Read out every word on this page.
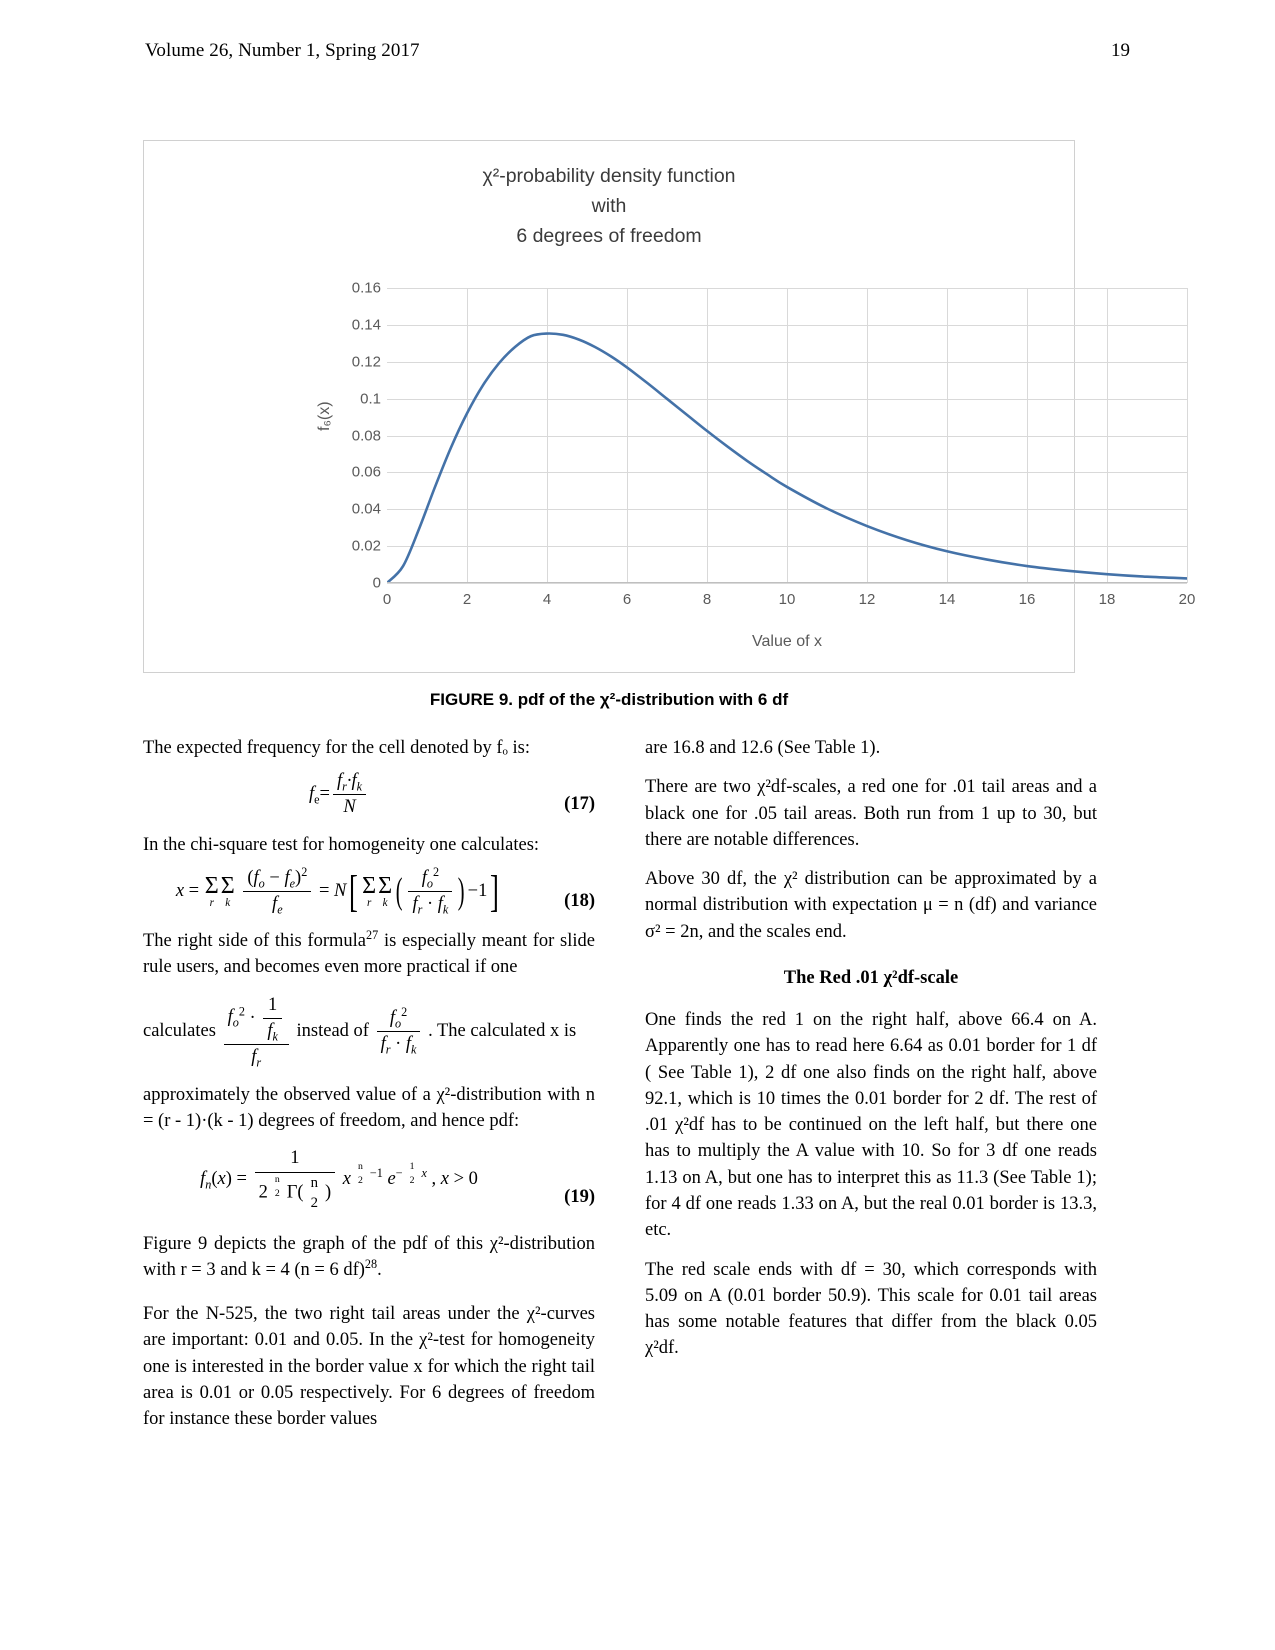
Volume 26, Number 1, Spring 2017	19
χ²-probability density function
with
6 degrees of freedom
f₆(x)
Value of x
0
0.02
0.04
0.06
0.08
0.1
0.12
0.14
0.16
0	2	4	6	8	10	12	14	16	18	20
FIGURE 9. pdf of the χ²-distribution with 6 df

The expected frequency for the cell denoted by fₒ is:

$f_e= \frac{f_r\cdot f_k}{N}$	(17)

In the chi-square test for homogeneity one calculates:

x = Σ
r
Σ
k
$\frac{(f_o - f_e)^2}{f_e} = N$[ Σ
r
Σ
k ( $\frac{f_o^2}{f_r \cdot f_k}$ ) −1]	(18)

The right side of this formula$^{27}$ is especially meant for slide rule users, and becomes even more practical if one

calculates $\frac{f_o^2 \cdot \frac{1}{f_k}}{f_r}$ instead of $\frac{f_o^2}{f_r \cdot f_k}$ . The calculated x is

approximately the observed value of a χ²-distribution with n = (r - 1)·(k - 1) degrees of freedom, and hence pdf:

$f_n(x) = 1$
2
$^{n 2}$ Γ( n
2
) x
$^{n 2 -1}$ $e^{- 1 2 x}$ , x > 0
(19)

Figure 9 depicts the graph of the pdf of this χ²-distribution with r = 3 and k = 4 (n = 6 df)$^{28}$.

For the N-525, the two right tail areas under the χ²-curves are important: 0.01 and 0.05. In the χ²-test for homogeneity one is interested in the border value x for which the right tail area is 0.01 or 0.05 respectively. For 6 degrees of freedom for instance these border values

are 16.8 and 12.6 (See Table 1).

There are two χ²df-scales, a red one for .01 tail areas and a black one for .05 tail areas. Both run from 1 up to 30, but there are notable differences.

Above 30 df, the χ² distribution can be approximated by a normal distribution with expectation μ = n (df) and variance σ² = 2n, and the scales end.

The Red .01 χ²df-scale

One finds the red 1 on the right half, above 66.4 on A. Apparently one has to read here 6.64 as 0.01 border for 1 df ( See Table 1), 2 df one also finds on the right half, above 92.1, which is 10 times the 0.01 border for 2 df. The rest of .01 χ²df has to be continued on the left half, but there one has to multiply the A value with 10. So for 3 df one reads 1.13 on A, but one has to interpret this as 11.3 (See Table 1); for 4 df one reads 1.33 on A, but the real 0.01 border is 13.3, etc.

The red scale ends with df = 30, which corresponds with 5.09 on A (0.01 border 50.9). This scale for 0.01 tail areas has some notable features that differ from the black 0.05 χ²df.
